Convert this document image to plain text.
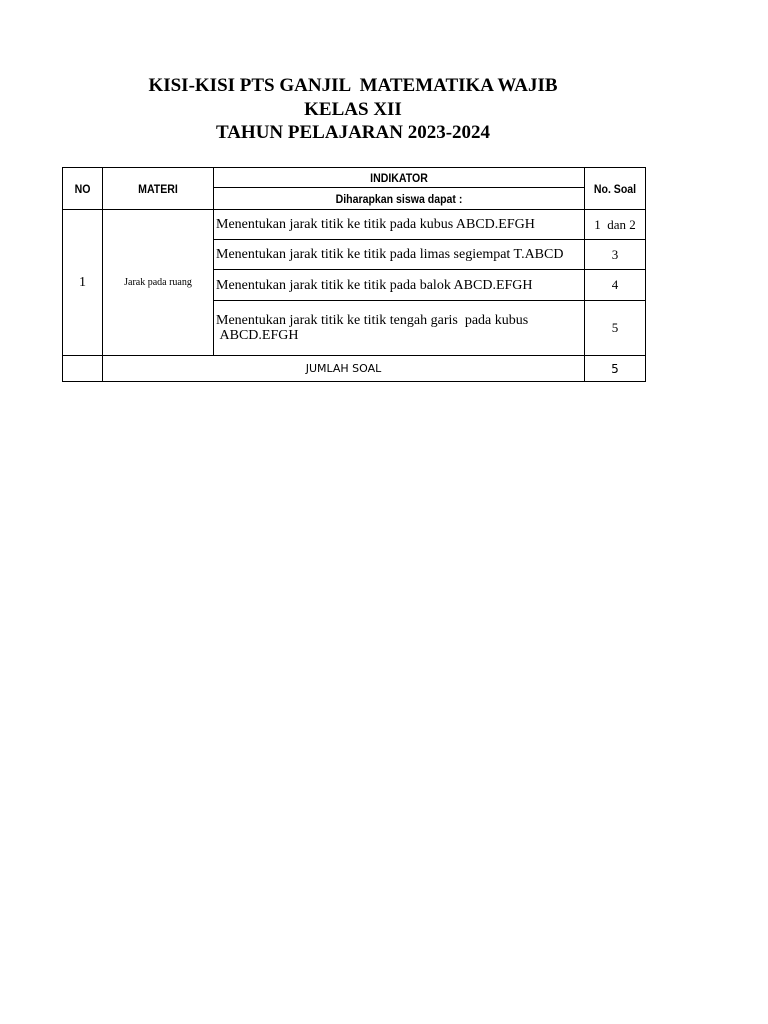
KISI-KISI PTS GANJIL  MATEMATIKA WAJIB
KELAS XII
TAHUN PELAJARAN 2023-2024
NO	MATERI	INDIKATOR	No. Soal

		Diharapkan siswa dapat :	

1	Jarak pada ruang	Menentukan jarak titik ke titik pada kubus ABCD.EFGH	1  dan 2
		Menentukan jarak titik ke titik pada limas segiempat T.ABCD	3
		Menentukan jarak titik ke titik pada balok ABCD.EFGH	4
		Menentukan jarak titik ke titik tengah garis  pada kubus
ABCD.EFGH	5
	JUMLAH SOAL		5
